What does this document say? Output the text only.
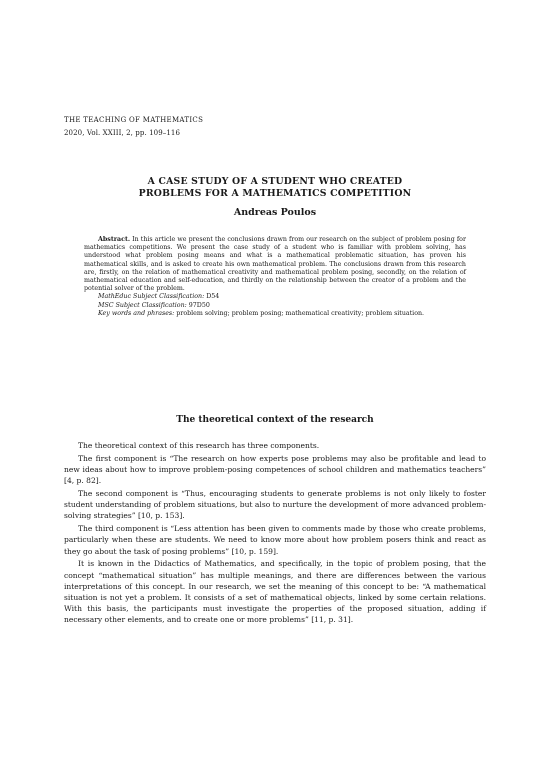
THE TEACHING OF MATHEMATICS
2020, Vol. XXIII, 2, pp. 109–116
A CASE STUDY OF A STUDENT WHO CREATED
PROBLEMS FOR A MATHEMATICS COMPETITION
Andreas Poulos

Abstract. In this article we present the conclusions drawn from our research on the subject of problem posing for mathematics competitions. We present the case study of a student who is familiar with problem solving, has understood what problem posing means and what is a mathematical problematic situation, has proven his mathematical skills, and is asked to create his own mathematical problem. The conclusions drawn from this research are, firstly, on the relation of mathematical creativity and mathematical problem posing, secondly, on the relation of mathematical education and self-education, and thirdly on the relationship between the creator of a problem and the potential solver of the problem.

MathEduc Subject Classification: D54

MSC Subject Classification: 97D50

Key words and phrases: problem solving; problem posing; mathematical creativity; problem situation.

The theoretical context of the research

The theoretical context of this research has three components.

The first component is “The research on how experts pose problems may also be profitable and lead to new ideas about how to improve problem-posing competences of school children and mathematics teachers” [4, p. 82].

The second component is “Thus, encouraging students to generate problems is not only likely to foster student understanding of problem situations, but also to nurture the development of more advanced problem-solving strategies” [10, p. 153].

The third component is “Less attention has been given to comments made by those who create problems, particularly when these are students. We need to know more about how problem posers think and react as they go about the task of posing problems” [10, p. 159].

It is known in the Didactics of Mathematics, and specifically, in the topic of problem posing, that the concept “mathematical situation” has multiple meanings, and there are differences between the various interpretations of this concept. In our research, we set the meaning of this concept to be: “A mathematical situation is not yet a problem. It consists of a set of mathematical objects, linked by some certain relations. With this basis, the participants must investigate the properties of the proposed situation, adding if necessary other elements, and to create one or more problems” [11, p. 31].
